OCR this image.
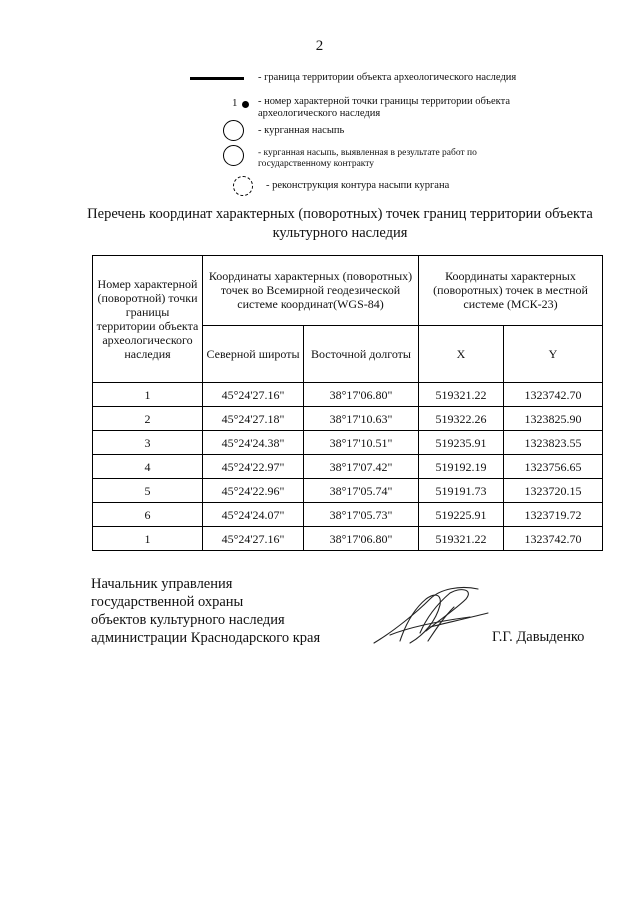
2
- граница территории объекта археологического наследия
1 - номер характерной точки границы территории объекта археологического наследия
- курганная насыпь
- курганная насыпь, выявленная в результате работ по государственному контракту
- реконструкция контура насыпи кургана
Перечень координат характерных (поворотных) точек границ территории объекта культурного наследия
Номер характерной (поворотной) точки границы территории объекта археологического наследия	Координаты характерных (поворотных) точек во Всемирной геодезической системе координат(WGS-84)		Координаты характерных (поворотных) точек в местной системе (МСК-23)	
	Северной широты	Восточной долготы	X	Y
1	45°24'27.16"	38°17'06.80"	519321.22	1323742.70
2	45°24'27.18"	38°17'10.63"	519322.26	1323825.90
3	45°24'24.38"	38°17'10.51"	519235.91	1323823.55
4	45°24'22.97"	38°17'07.42"	519192.19	1323756.65
5	45°24'22.96"	38°17'05.74"	519191.73	1323720.15
6	45°24'24.07"	38°17'05.73"	519225.91	1323719.72
1	45°24'27.16"	38°17'06.80"	519321.22	1323742.70
Начальник управления
государственной охраны
объектов культурного наследия
администрации Краснодарского края	Г.Г. Давыденко
